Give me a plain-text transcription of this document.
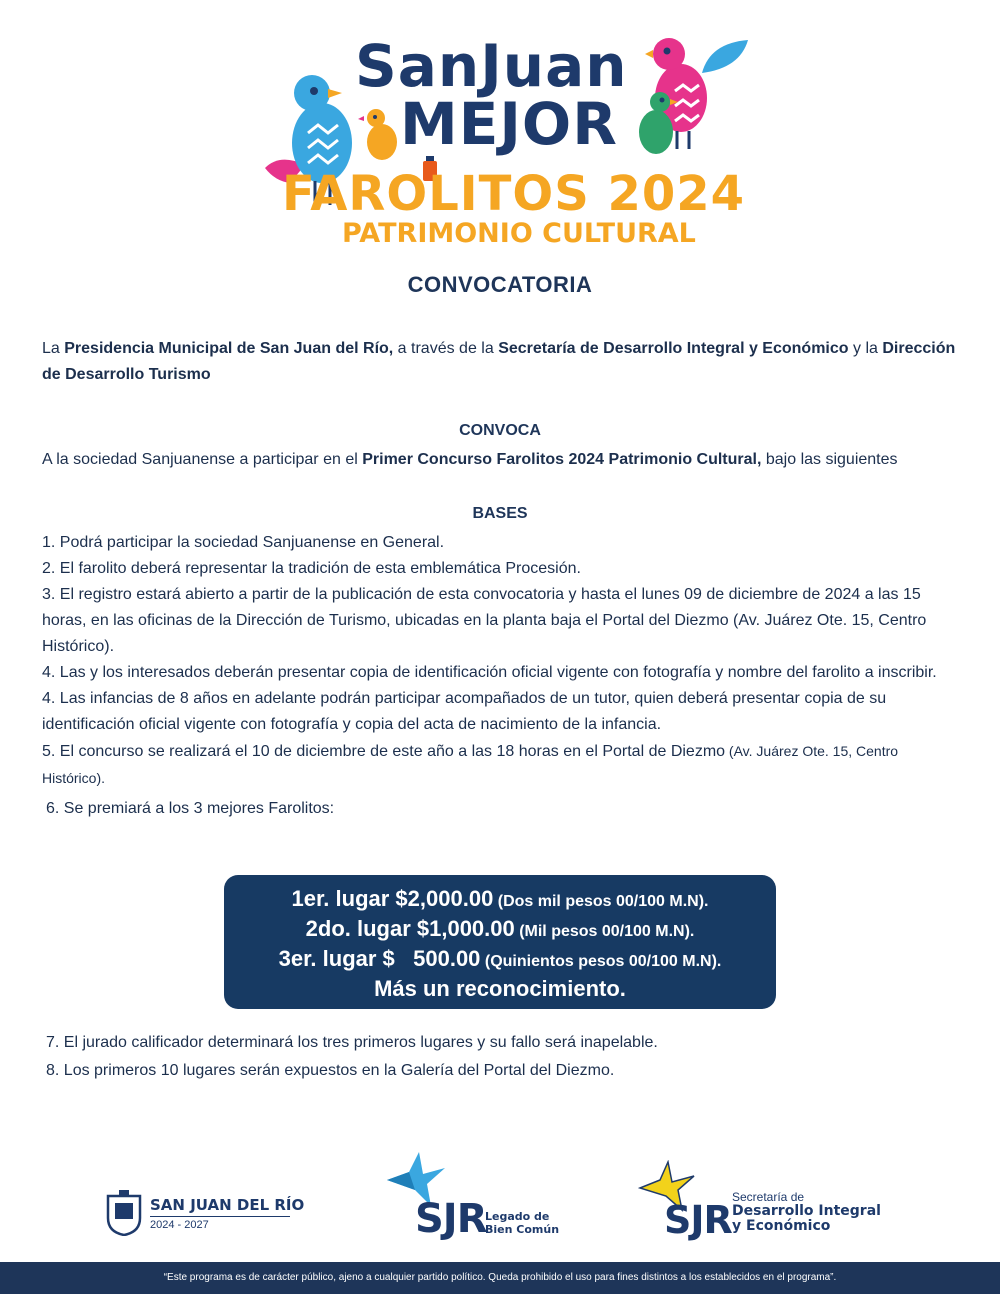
SanJuan
MEJOR
FAROLITOS 2024
PATRIMONIO CULTURAL
CONVOCATORIA

La Presidencia Municipal de San Juan del Río, a través de la Secretaría de Desarrollo Integral y Económico y la Dirección de Desarrollo Turismo

CONVOCA

A la sociedad Sanjuanense a participar en el Primer Concurso Farolitos 2024 Patrimonio Cultural, bajo las siguientes

BASES
1. Podrá participar la sociedad Sanjuanense en General.
2. El farolito deberá representar la tradición de esta emblemática Procesión.
3. El registro estará abierto a partir de la publicación de esta convocatoria y hasta el lunes 09 de diciembre de 2024 a las 15 horas, en las oficinas de la Dirección de Turismo, ubicadas en la planta baja el Portal del Diezmo (Av. Juárez Ote. 15, Centro Histórico).
4. Las y los interesados deberán presentar copia de identificación oficial vigente con fotografía y nombre del farolito a inscribir.
4. Las infancias de 8 años en adelante podrán participar acompañados de un tutor, quien deberá presentar copia de su identificación oficial vigente con fotografía y copia del acta de nacimiento de la infancia.
5. El concurso se realizará el 10 de diciembre de este año a las 18 horas en el Portal de Diezmo (Av. Juárez Ote. 15, Centro Histórico).
6. Se premiará a los 3 mejores Farolitos:
1er. lugar $2,000.00 (Dos mil pesos 00/100 M.N).
2do. lugar $1,000.00 (Mil pesos 00/100 M.N).
3er. lugar $   500.00 (Quinientos pesos 00/100 M.N).
Más un reconocimiento.
7. El jurado calificador determinará los tres primeros lugares y su fallo será inapelable.
8. Los primeros 10 lugares serán expuestos en la Galería del Portal del Diezmo.
SAN JUAN DEL RÍO
2024 - 2027	SJR
Legado de
Bien Común	SJR
Secretaría de
Desarrollo Integral
y Económico
“Este programa es de carácter público, ajeno a cualquier partido político. Queda prohibido el uso para fines distintos a los establecidos en el programa”.
